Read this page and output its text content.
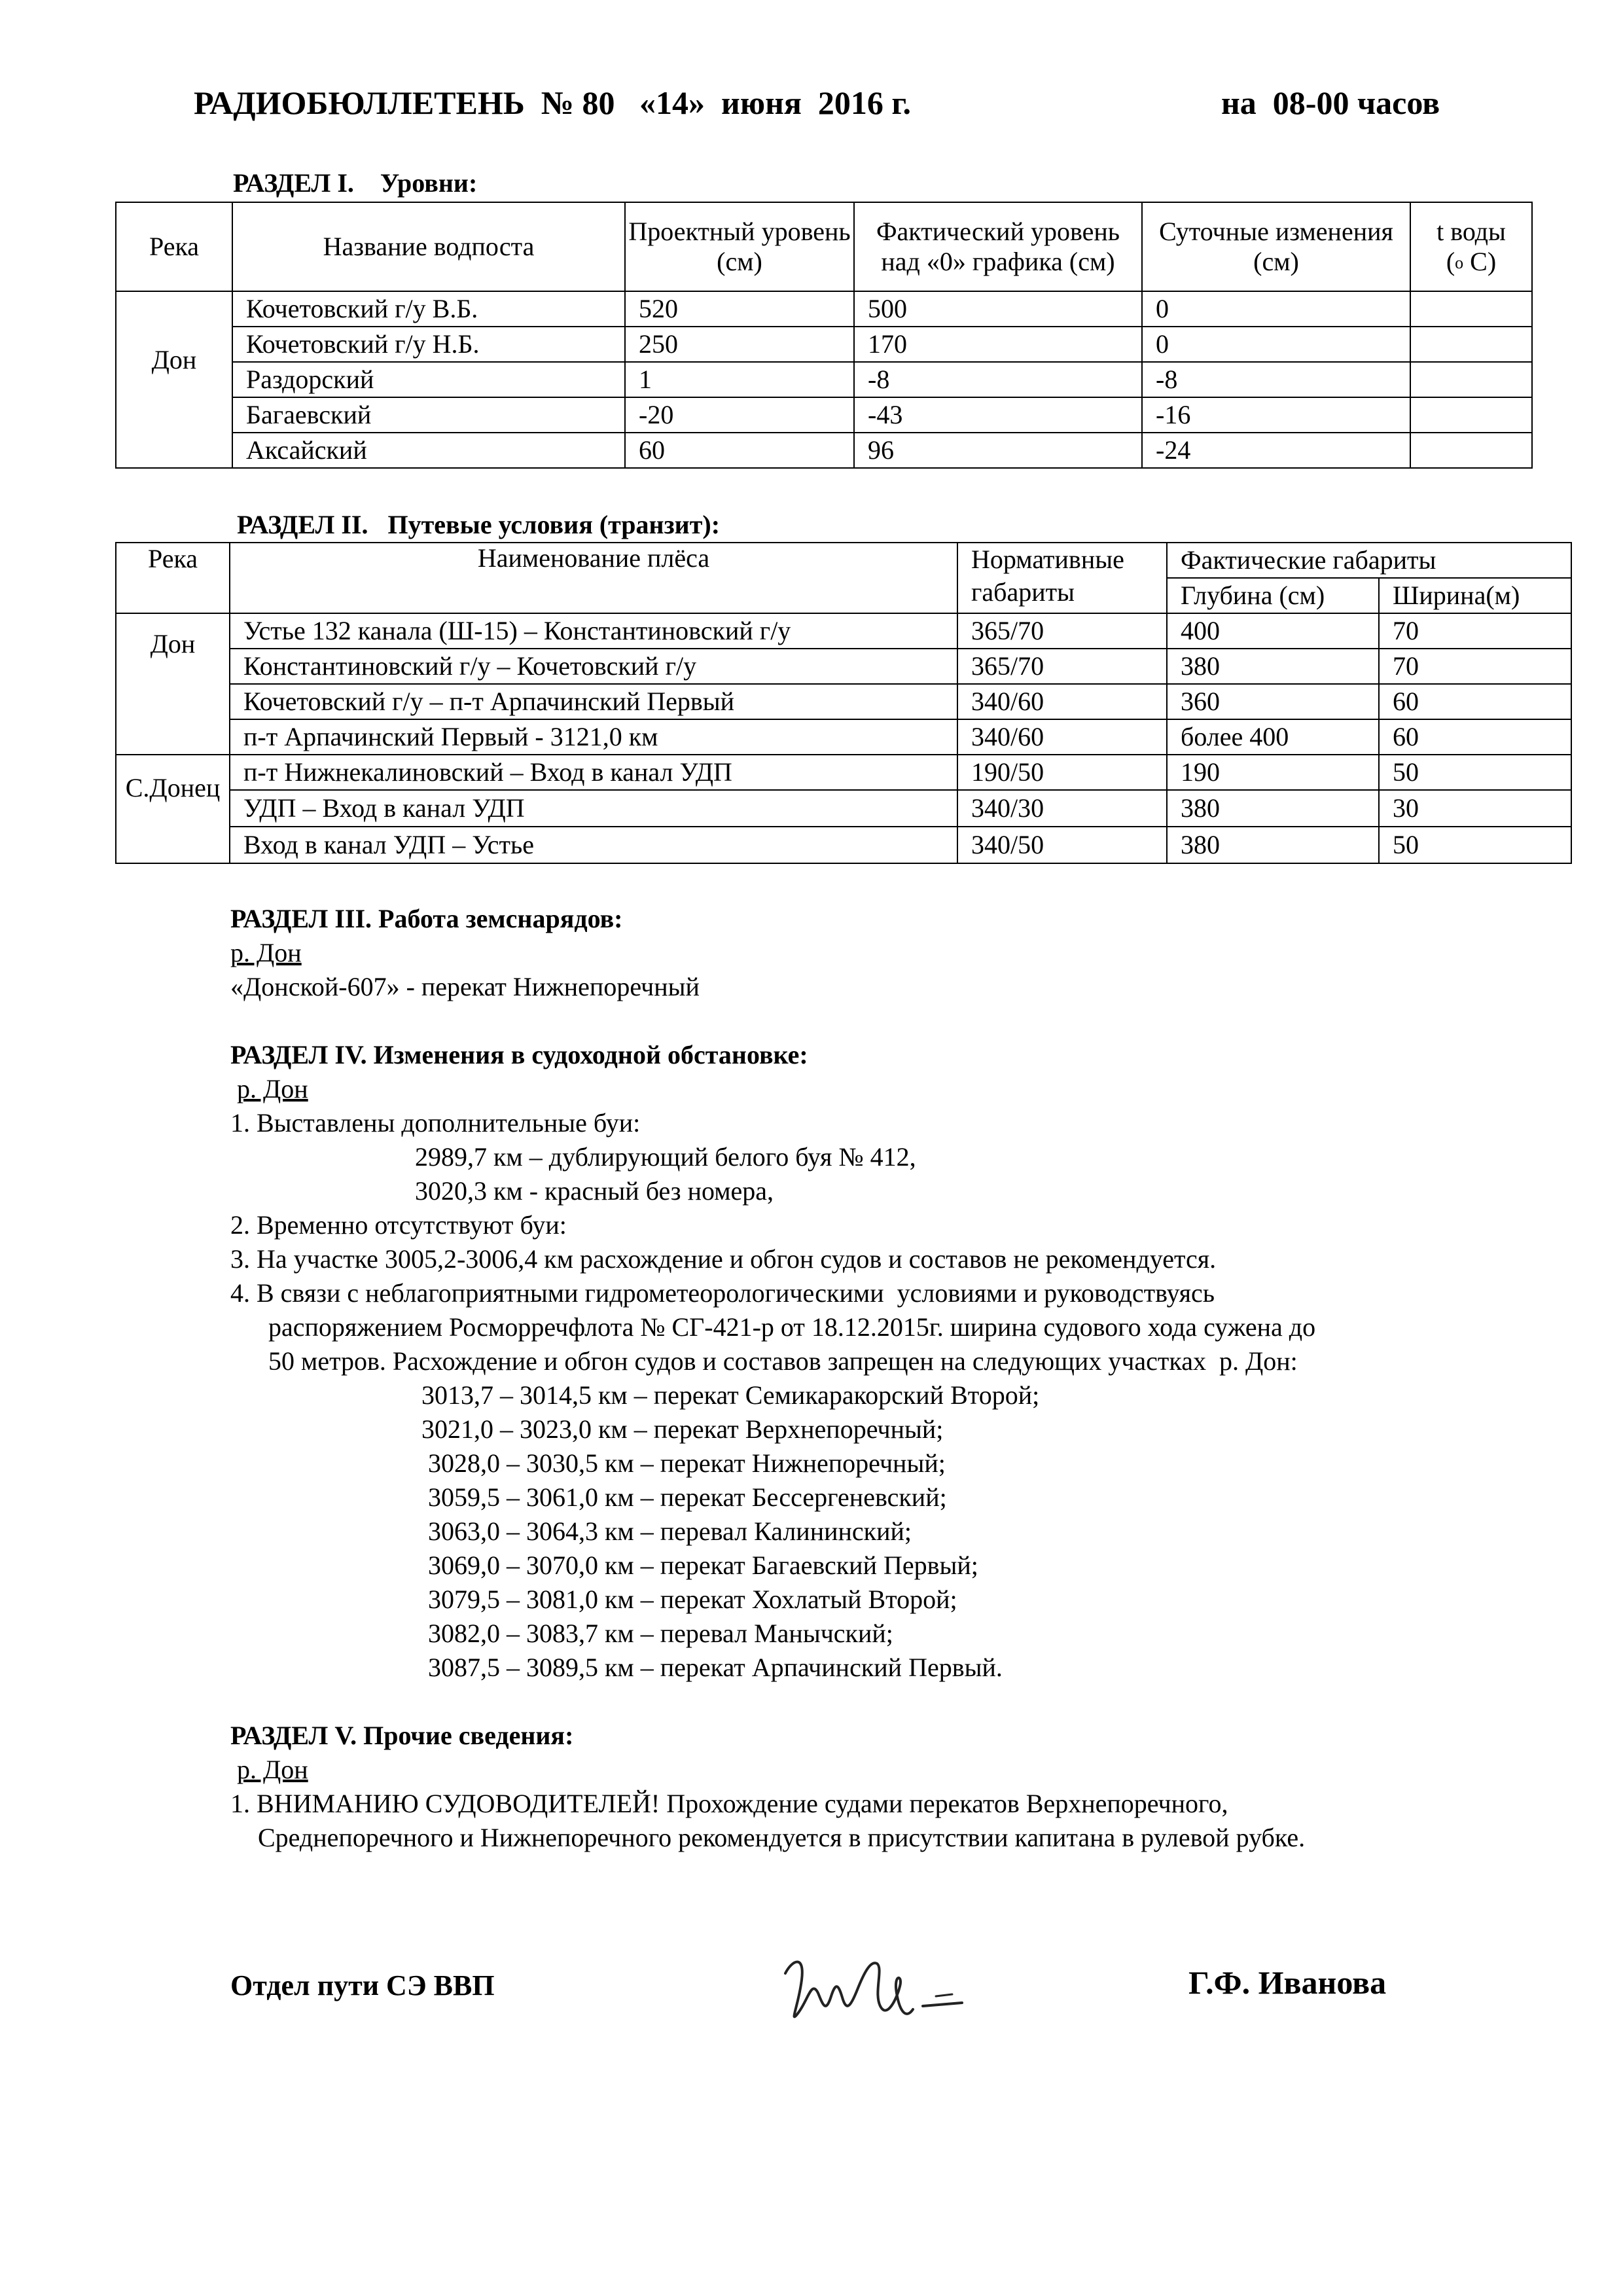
РАДИОБЮЛЛЕТЕНЬ  № 80   «14»  июня  2016 г.	на  08-00 часов
РАЗДЕЛ I.    Уровни:
Река	Название водпоста	Проектный уровень (см)	Фактический уровень над «0» графика (см)	Суточные изменения (см)	t воды
($^o$ C)
Дон	Кочетовский г/у В.Б.	520	500	0	
	Кочетовский г/у Н.Б.	250	170	0	
	Раздорский	1	-8	-8	
	Багаевский	-20	-43	-16	
	Аксайский	60	96	-24	
РАЗДЕЛ II.   Путевые условия (транзит):
Река	Наименование плёса	Нормативные габариты	Фактические габариты	
			Глубина (см)	Ширина(м)
Дон	Устье 132 канала (Ш-15) – Константиновский г/у	365/70	400	70
	Константиновский г/у – Кочетовский г/у	365/70	380	70
	Кочетовский г/у – п-т Арпачинский Первый	340/60	360	60
	п-т Арпачинский Первый - 3121,0 км	340/60	более 400	60
С.Донец	п-т Нижнекалиновский – Вход в канал УДП	190/50	190	50
	УДП – Вход в канал УДП	340/30	380	30
	Вход в канал УДП – Устье	340/50	380	50
РАЗДЕЛ III. Работа земснарядов:
р. Дон
«Донской-607» - перекат Нижнепоречный
РАЗДЕЛ IV. Изменения в судоходной обстановке:
р. Дон
1. Выставлены дополнительные буи:
2989,7 км – дублирующий белого буя № 412,
3020,3 км - красный без номера,
2. Временно отсутствуют буи:
3. На участке 3005,2-3006,4 км расхождение и обгон судов и составов не рекомендуется.
4. В связи с неблагоприятными гидрометеорологическими  условиями и руководствуясь
распоряжением Росморречфлота № СГ-421-р от 18.12.2015г. ширина судового хода сужена до
50 метров. Расхождение и обгон судов и составов запрещен на следующих участках  р. Дон:
3013,7 – 3014,5 км – перекат Семикаракорский Второй;
3021,0 – 3023,0 км – перекат Верхнепоречный;
3028,0 – 3030,5 км – перекат Нижнепоречный;
3059,5 – 3061,0 км – перекат Бессергеневский;
3063,0 – 3064,3 км – перевал Калининский;
3069,0 – 3070,0 км – перекат Багаевский Первый;
3079,5 – 3081,0 км – перекат Хохлатый Второй;
3082,0 – 3083,7 км – перевал Манычский;
3087,5 – 3089,5 км – перекат Арпачинский Первый.
РАЗДЕЛ V. Прочие сведения:
р. Дон
1. ВНИМАНИЮ СУДОВОДИТЕЛЕЙ! Прохождение судами перекатов Верхнепоречного,
Среднепоречного и Нижнепоречного рекомендуется в присутствии капитана в рулевой рубке.
Отдел пути СЭ ВВП	Г.Ф. Иванова
